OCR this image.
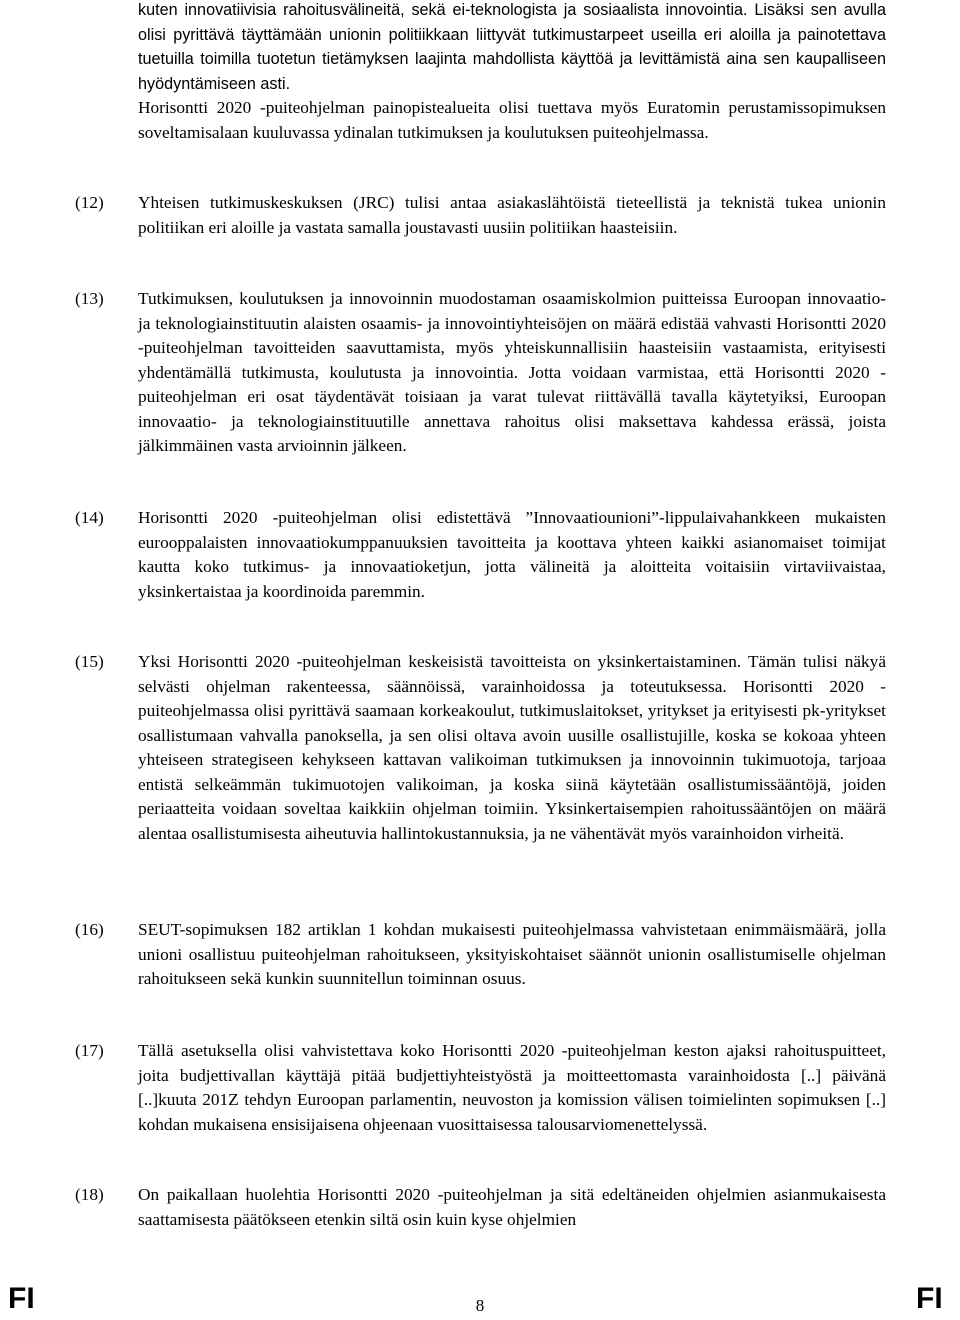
kuten innovatiivisia rahoitusvälineitä, sekä ei-teknologista ja sosiaalista innovointia. Lisäksi sen avulla olisi pyrittävä täyttämään unionin politiikkaan liittyvät tutkimustarpeet useilla eri aloilla ja painotettava tuetuilla toimilla tuotetun tietämyksen laajinta mahdollista käyttöä ja levittämistä aina sen kaupalliseen hyödyntämiseen asti.
Horisontti 2020 -puiteohjelman painopistealueita olisi tuettava myös Euratomin perustamissopimuksen soveltamisalaan kuuluvassa ydinalan tutkimuksen ja koulutuksen puiteohjelmassa.
(12) Yhteisen tutkimuskeskuksen (JRC) tulisi antaa asiakaslähtöistä tieteellistä ja teknistä tukea unionin politiikan eri aloille ja vastata samalla joustavasti uusiin politiikan haasteisiin.
(13) Tutkimuksen, koulutuksen ja innovoinnin muodostaman osaamiskolmion puitteissa Euroopan innovaatio- ja teknologiainstituutin alaisten osaamis- ja innovointiyhteisöjen on määrä edistää vahvasti Horisontti 2020 -puiteohjelman tavoitteiden saavuttamista, myös yhteiskunnallisiin haasteisiin vastaamista, erityisesti yhdentämällä tutkimusta, koulutusta ja innovointia. Jotta voidaan varmistaa, että Horisontti 2020 -puiteohjelman eri osat täydentävät toisiaan ja varat tulevat riittävällä tavalla käytetyiksi, Euroopan innovaatio- ja teknologiainstituutille annettava rahoitus olisi maksettava kahdessa erässä, joista jälkimmäinen vasta arvioinnin jälkeen.
(14) Horisontti 2020 -puiteohjelman olisi edistettävä ”Innovaatiounioni”-lippulaivahankkeen mukaisten eurooppalaisten innovaatiokumppanuuksien tavoitteita ja koottava yhteen kaikki asianomaiset toimijat kautta koko tutkimus- ja innovaatioketjun, jotta välineitä ja aloitteita voitaisiin virtaviivaistaa, yksinkertaistaa ja koordinoida paremmin.
(15) Yksi Horisontti 2020 -puiteohjelman keskeisistä tavoitteista on yksinkertaistaminen. Tämän tulisi näkyä selvästi ohjelman rakenteessa, säännöissä, varainhoidossa ja toteutuksessa. Horisontti 2020 -puiteohjelmassa olisi pyrittävä saamaan korkeakoulut, tutkimuslaitokset, yritykset ja erityisesti pk-yritykset osallistumaan vahvalla panoksella, ja sen olisi oltava avoin uusille osallistujille, koska se kokoaa yhteen yhteiseen strategiseen kehykseen kattavan valikoiman tutkimuksen ja innovoinnin tukimuotoja, tarjoaa entistä selkeämmän tukimuotojen valikoiman, ja koska siinä käytetään osallistumissääntöjä, joiden periaatteita voidaan soveltaa kaikkiin ohjelman toimiin. Yksinkertaisempien rahoitussääntöjen on määrä alentaa osallistumisesta aiheutuvia hallintokustannuksia, ja ne vähentävät myös varainhoidon virheitä.
(16) SEUT-sopimuksen 182 artiklan 1 kohdan mukaisesti puiteohjelmassa vahvistetaan enimmäismäärä, jolla unioni osallistuu puiteohjelman rahoitukseen, yksityiskohtaiset säännöt unionin osallistumiselle ohjelman rahoitukseen sekä kunkin suunnitellun toiminnan osuus.
(17) Tällä asetuksella olisi vahvistettava koko Horisontti 2020 -puiteohjelman keston ajaksi rahoituspuitteet, joita budjettivallan käyttäjä pitää budjettiyhteistyöstä ja moitteettomasta varainhoidosta [..] päivänä [..]kuuta 201Z tehdyn Euroopan parlamentin, neuvoston ja komission välisen toimielinten sopimuksen [..] kohdan mukaisena ensisijaisena ohjeenaan vuosittaisessa talousarviomenettelyssä.
(18) On paikallaan huolehtia Horisontti 2020 -puiteohjelman ja sitä edeltäneiden ohjelmien asianmukaisesta saattamisesta päätökseen etenkin siltä osin kuin kyse ohjelmien
FI	8	FI
